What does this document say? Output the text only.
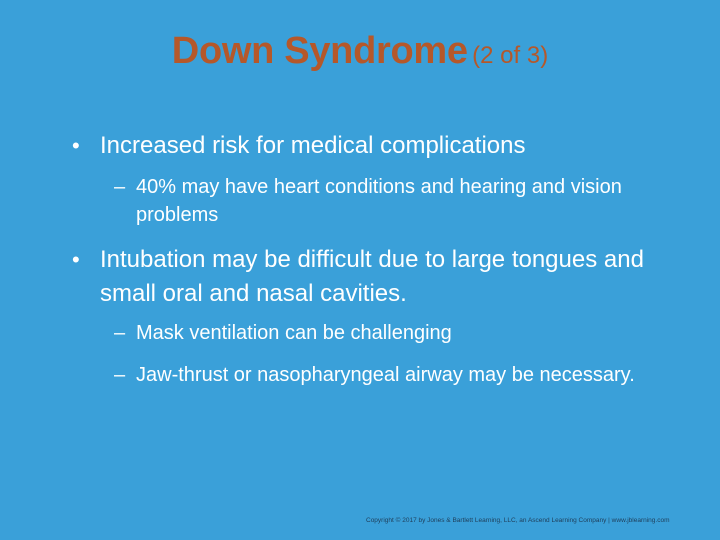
Down Syndrome (2 of 3)
• Increased risk for medical complications
– 40% may have heart conditions and hearing and vision problems
• Intubation may be difficult due to large tongues and small oral and nasal cavities.
– Mask ventilation can be challenging
– Jaw-thrust or nasopharyngeal airway may be necessary.
Copyright © 2017 by Jones & Bartlett Learning, LLC, an Ascend Learning Company | www.jblearning.com
